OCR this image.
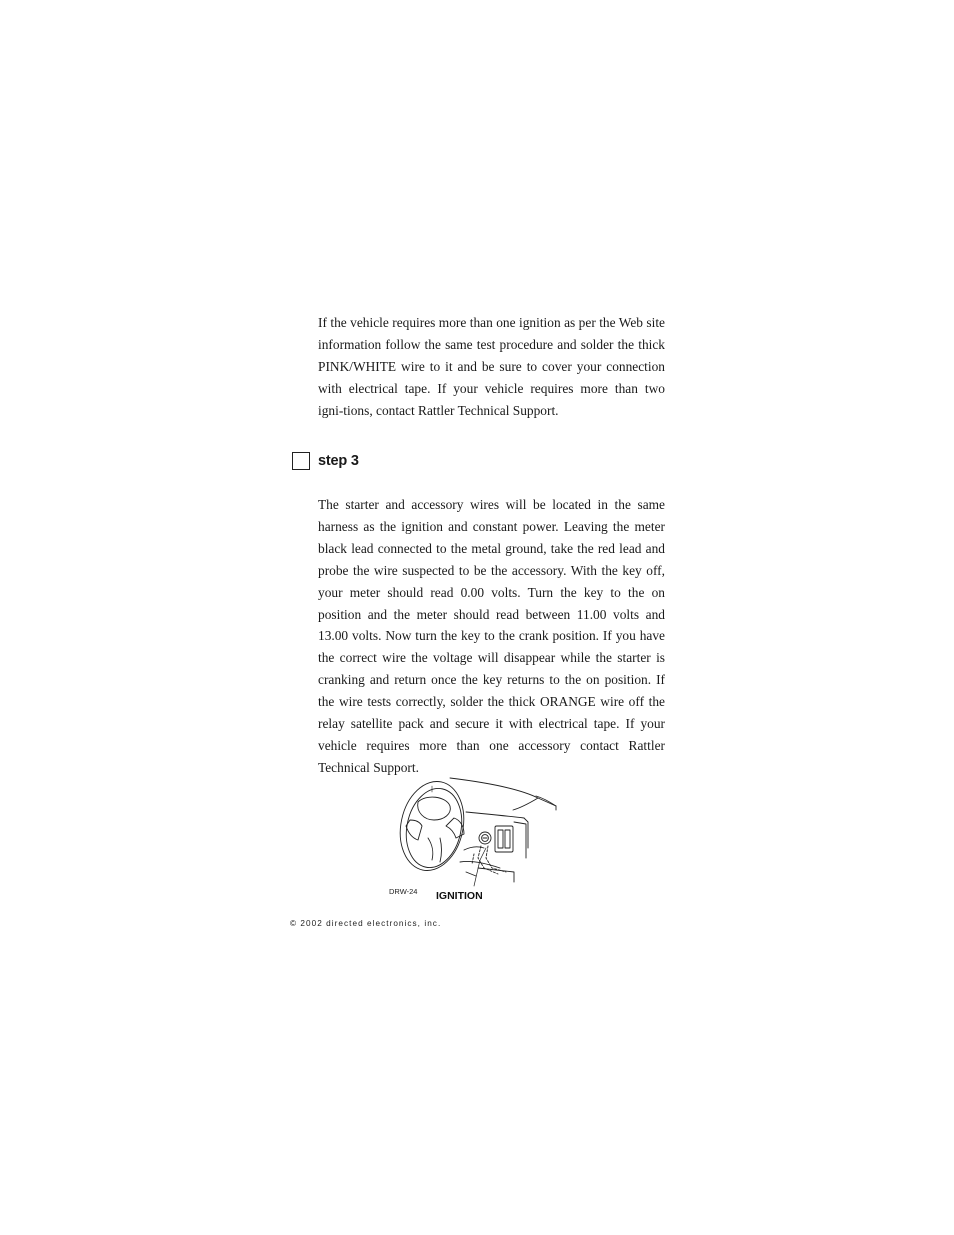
If the vehicle requires more than one ignition as per the Web site information follow the same test procedure and solder the thick PINK/WHITE wire to it and be sure to cover your connection with electrical tape. If your vehicle requires more than two igni-tions, contact Rattler Technical Support.

step 3

The starter and accessory wires will be located in the same harness as the ignition and constant power. Leaving the meter black lead connected to the metal ground, take the red lead and probe the wire suspected to be the accessory. With the key off, your meter should read 0.00 volts. Turn the key to the on position and the meter should read between 11.00 volts and 13.00 volts. Now turn the key to the crank position. If you have the correct wire the voltage will disappear while the starter is cranking and return once the key returns to the on position. If the wire tests correctly, solder the thick ORANGE wire off the relay satellite pack and secure it with electrical tape. If your vehicle requires more than one accessory contact Rattler Technical Support.

DRW-24 IGNITION
© 2002 directed electronics, inc.
